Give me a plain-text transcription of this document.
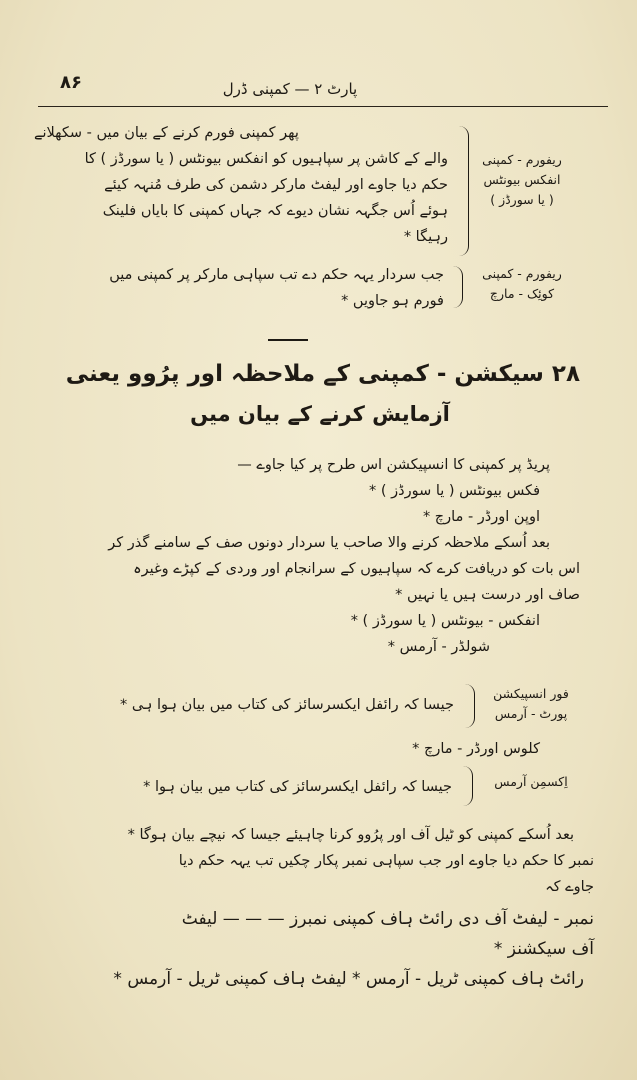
۸۶	پارٹ ۲ — کمپنی ڈرل
ریفورم - کمپنی
انفکس بیونٹس
( یا سورڈز )
پھر کمپنی فورم کرنے کے بیان میں - سکھلانے
والے کے کاشن پر سپاہیوں کو انفکس بیونٹس ( یا سورڈز ) کا
حکم دیا جاوے اور لیفٹ مارکر دشمن کی طرف مُنہہ کیئے
ہوئے اُس جگہہ نشان دیوے کہ جہاں کمپنی کا بایاں فلینک
رہیگا *
ریفورم - کمپنی
کوئِک - مارچ
جب سردار یہہ حکم دے تب سپاہی مارکر پر کمپنی میں
فورم ہو جاویں *
۲۸ سیکشن - کمپنی کے ملاحظہ اور پرُوو یعنی
آزمایش کرنے کے بیان میں
پریڈ پر کمپنی کا انسپیکشن اس طرح پر کیا جاوے —
فکس بیونٹس ( یا سورڈز ) *
اوپن اورڈر - مارچ *
بعد اُسکے ملاحظہ کرنے والا صاحب یا سردار دونوں صف کے سامنے گذر کر
اس بات کو دریافت کرے کہ سپاہیوں کے سرانجام اور وردی کے کپڑے وغیرہ
صاف اور درست ہیں یا نہیں *
انفکس - بیونٹس ( یا سورڈز ) *
شولڈر - آرمس *
فور انسپیکشن
پورٹ - آرمس
جیسا کہ رائفل ایکسرسائز کی کتاب میں بیان ہوا ہی *
کلوس اورڈر - مارچ *
اِکسمِن آرمس
جیسا کہ رائفل ایکسرسائز کی کتاب میں بیان ہوا *
بعد اُسکے کمپنی کو ٹیل آف اور پرُوو کرنا چاہیئے جیسا کہ نیچے بیان ہوگا *
نمبر کا حکم دیا جاوے اور جب سپاہی نمبر پکار چکیں تب یہہ حکم دیا
جاوے کہ
نمبر - لیفٹ آف دی رائٹ ہاف کمپنی نمبرز — — — لیفٹ
آف سیکشنز *
رائٹ ہاف کمپنی ٹریل - آرمس * لیفٹ ہاف کمپنی ٹریل - آرمس *
